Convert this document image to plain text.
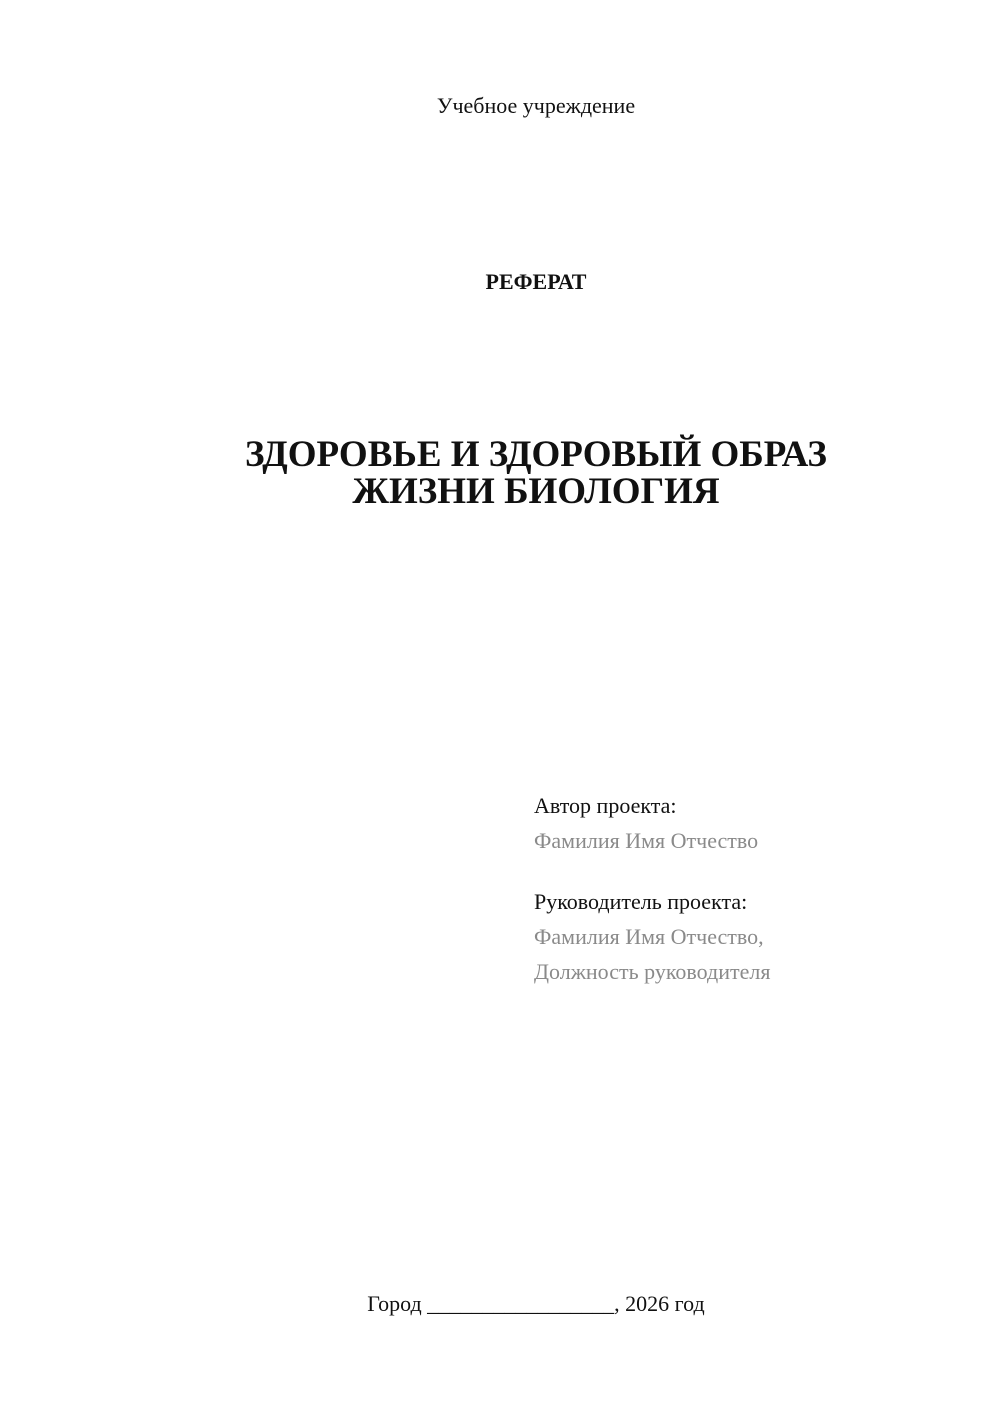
Учебное учреждение
РЕФЕРАТ
ЗДОРОВЬЕ И ЗДОРОВЫЙ ОБРАЗ
ЖИЗНИ БИОЛОГИЯ
Автор проекта:
Фамилия Имя Отчество
Руководитель проекта:
Фамилия Имя Отчество,
Должность руководителя
Город _________________, 2026 год
